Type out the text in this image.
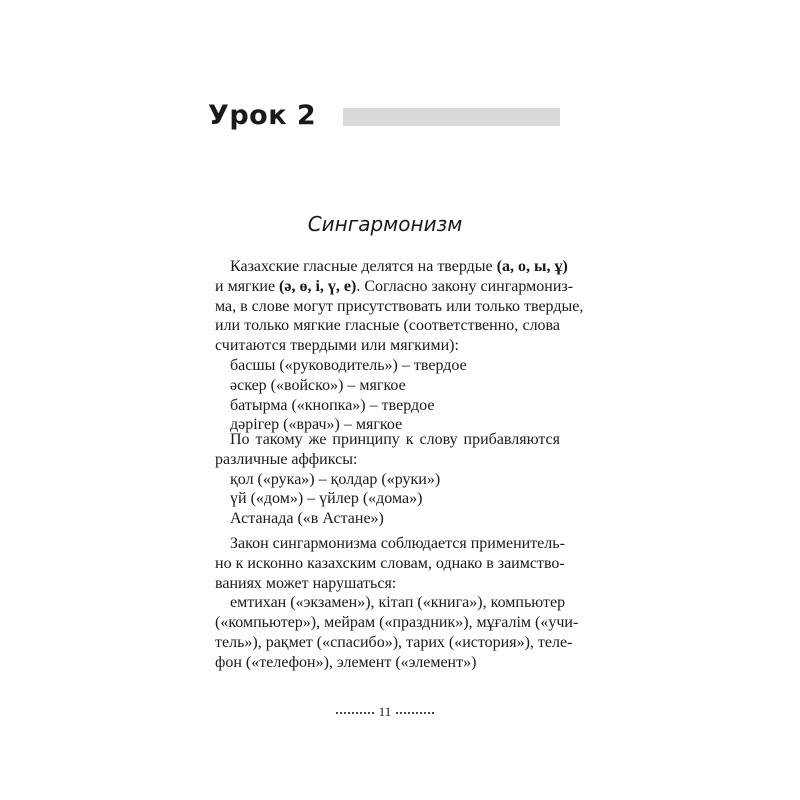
Урок 2
Сингармонизм
Казахские гласные делятся на твердые (а, о, ы, ұ)
и мягкие (ә, ө, і, ү, е). Согласно закону сингармониз-
ма, в слове могут присутствовать или только твердые,
или только мягкие гласные (соответственно, слова
считаются твердыми или мягкими):
басшы («руководитель») – твердое
әскер («войско») – мягкое
батырма («кнопка») – твердое
дәрігер («врач») – мягкое
По такому же принципу к слову прибавляются
различные аффиксы:
қол («рука») – қолдар («руки»)
үй («дом») – үйлер («дома»)
Астанада («в Астане»)
Закон сингармонизма соблюдается применитель-
но к исконно казахским словам, однако в заимство-
ваниях может нарушаться:
емтихан («экзамен»), кітап («книга»), компьютер
(«компьютер»), мейрам («праздник»), мұғалім («учи-
тель»), рақмет («спасибо»), тарих («история»), теле-
фон («телефон»), элемент («элемент»)
11
